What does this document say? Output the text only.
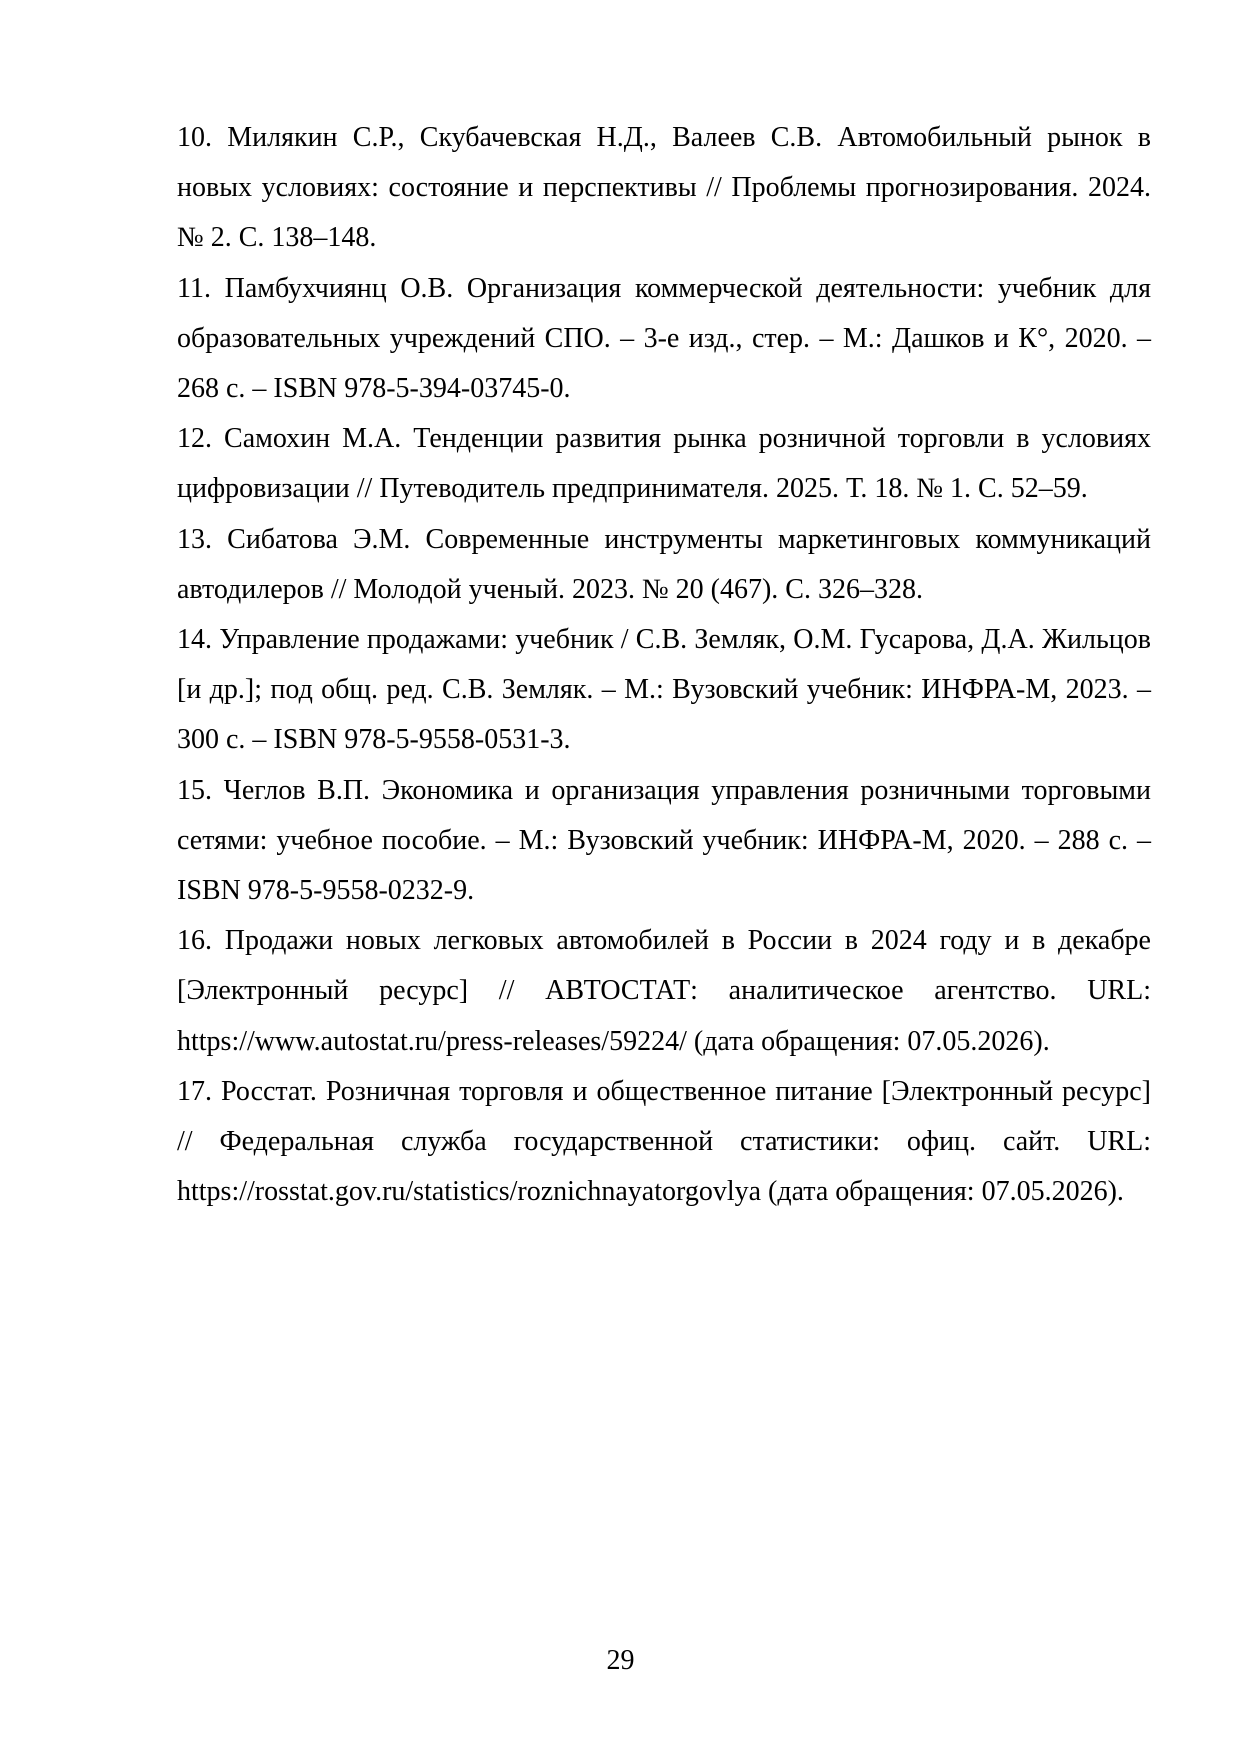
10. Милякин С.Р., Скубачевская Н.Д., Валеев С.В. Автомобильный рынок в новых условиях: состояние и перспективы // Проблемы прогнозирования. 2024. № 2. С. 138–148.
11. Памбухчиянц О.В. Организация коммерческой деятельности: учебник для образовательных учреждений СПО. – 3-е изд., стер. – М.: Дашков и К°, 2020. – 268 с. – ISBN 978-5-394-03745-0.
12. Самохин М.А. Тенденции развития рынка розничной торговли в условиях цифровизации // Путеводитель предпринимателя. 2025. Т. 18. № 1. С. 52–59.
13. Сибатова Э.М. Современные инструменты маркетинговых коммуникаций автодилеров // Молодой ученый. 2023. № 20 (467). С. 326–328.
14. Управление продажами: учебник / С.В. Земляк, О.М. Гусарова, Д.А. Жильцов [и др.]; под общ. ред. С.В. Земляк. – М.: Вузовский учебник: ИНФРА-М, 2023. – 300 с. – ISBN 978-5-9558-0531-3.
15. Чеглов В.П. Экономика и организация управления розничными торговыми сетями: учебное пособие. – М.: Вузовский учебник: ИНФРА-М, 2020. – 288 с. – ISBN 978-5-9558-0232-9.
16. Продажи новых легковых автомобилей в России в 2024 году и в декабре [Электронный ресурс] // АВТОСТАТ: аналитическое агентство. URL: https://www.autostat.ru/press-releases/59224/ (дата обращения: 07.05.2026).
17. Росстат. Розничная торговля и общественное питание [Электронный ресурс] // Федеральная служба государственной статистики: офиц. сайт. URL: https://rosstat.gov.ru/statistics/roznichnayatorgovlya (дата обращения: 07.05.2026).
29
